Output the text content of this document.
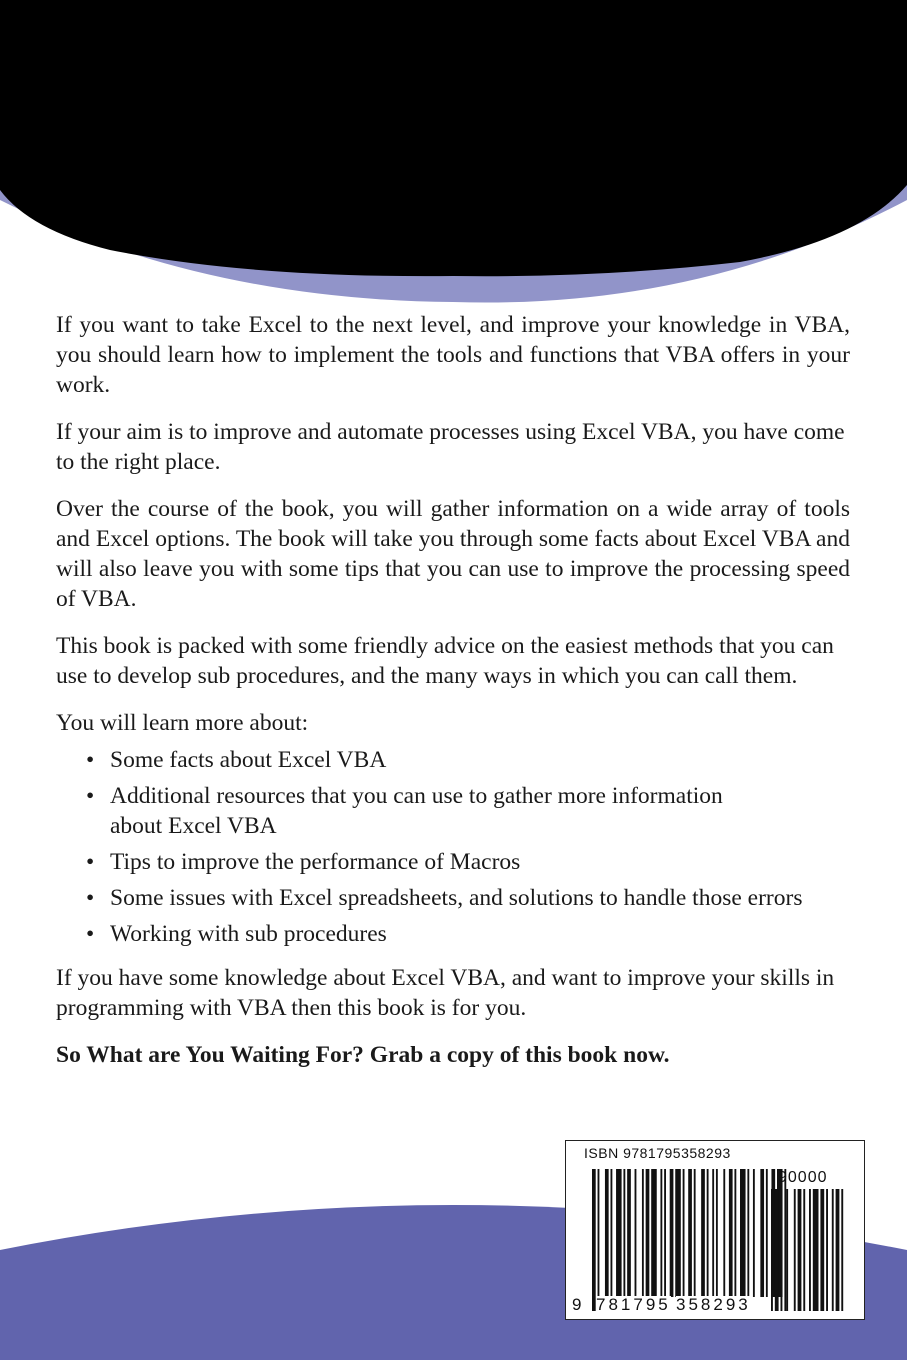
If you want to take Excel to the next level, and improve your knowledge in VBA, you should learn how to implement the tools and functions that VBA offers in your work.

If your aim is to improve and automate processes using Excel VBA, you have come to the right place.

Over the course of the book, you will gather information on a wide array of tools and Excel options. The book will take you through some facts about Excel VBA and will also leave you with some tips that you can use to improve the processing speed of VBA.

This book is packed with some friendly advice on the easiest methods that you can use to develop sub procedures, and the many ways in which you can call them.

You will learn more about:

• Some facts about Excel VBA
• Additional resources that you can use to gather more information about Excel VBA
• Tips to improve the performance of Macros
• Some issues with Excel spreadsheets, and solutions to handle those errors
• Working with sub procedures

If you have some knowledge about Excel VBA, and want to improve your skills in programming with VBA then this book is for you.

So What are You Waiting For? Grab a copy of this book now.

ISBN 9781795358293
9 781795 358293
90000
